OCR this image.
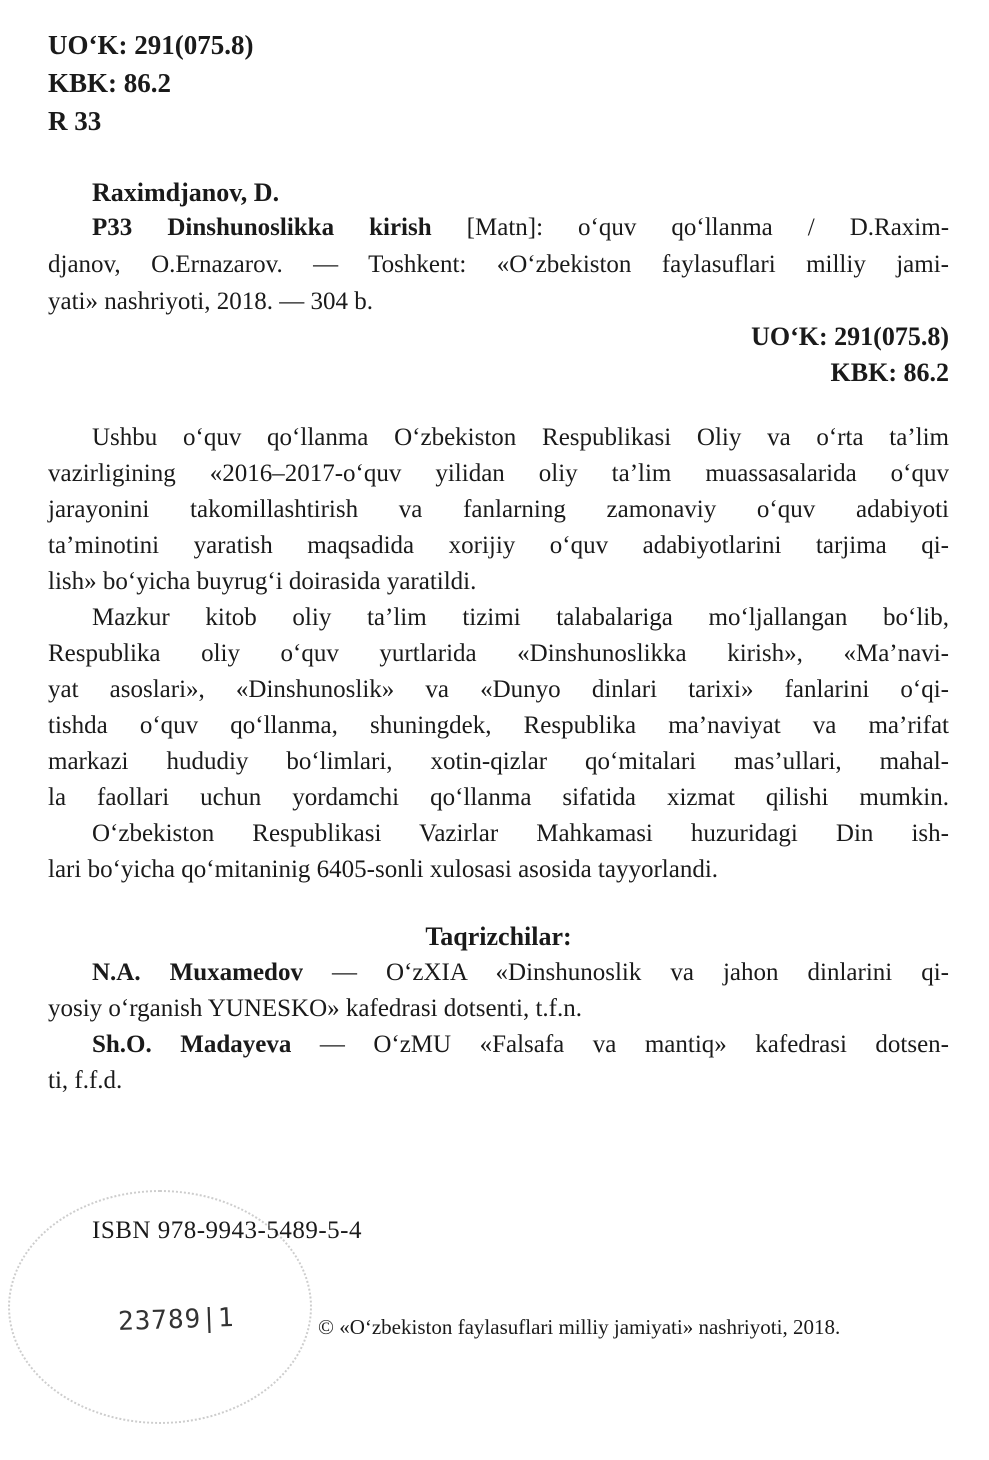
UO‘K: 291(075.8)
KBK: 86.2
R 33
Raximdjanov, D.
P33 Dinshunoslikka kirish [Matn]: o‘quv qo‘llanma / D.Raxim-
djanov, O.Ernazarov. — Toshkent: «O‘zbekiston faylasuflari milliy jami-
yati» nashriyoti, 2018. — 304 b.
UO‘K: 291(075.8)
KBK: 86.2
Ushbu o‘quv qo‘llanma O‘zbekiston Respublikasi Oliy va o‘rta ta’lim
vazirligining «2016–2017-o‘quv yilidan oliy ta’lim muassasalarida o‘quv
jarayonini takomillashtirish va fanlarning zamonaviy o‘quv adabiyoti
ta’minotini yaratish maqsadida xorijiy o‘quv adabiyotlarini tarjima qi-
lish» bo‘yicha buyrug‘i doirasida yaratildi.
Mazkur kitob oliy ta’lim tizimi talabalariga mo‘ljallangan bo‘lib,
Respublika oliy o‘quv yurtlarida «Dinshunoslikka kirish», «Ma’navi-
yat asoslari», «Dinshunoslik» va «Dunyo dinlari tarixi» fanlarini o‘qi-
tishda o‘quv qo‘llanma, shuningdek, Respublika ma’naviyat va ma’rifat
markazi hududiy bo‘limlari, xotin-qizlar qo‘mitalari mas’ullari, mahal-
la faollari uchun yordamchi qo‘llanma sifatida xizmat qilishi mumkin.
O‘zbekiston Respublikasi Vazirlar Mahkamasi huzuridagi Din ish-
lari bo‘yicha qo‘mitaninig 6405-sonli xulosasi asosida tayyorlandi.
Taqrizchilar:
N.A. Muxamedov — O‘zXIA «Dinshunoslik va jahon dinlarini qi-
yosiy o‘rganish YUNESKO» kafedrasi dotsenti, t.f.n.
Sh.O. Madayeva — O‘zMU «Falsafa va mantiq» kafedrasi dotsen-
ti, f.f.d.
ISBN 978-9943-5489-5-4
23789|1	© «O‘zbekiston faylasuflari milliy jamiyati» nashriyoti, 2018.
